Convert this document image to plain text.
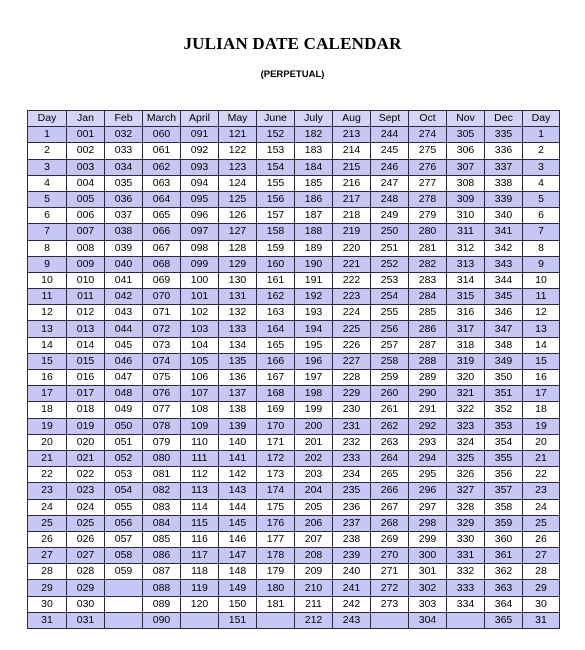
JULIAN DATE CALENDAR
(PERPETUAL)
Day	Jan	Feb	March	April	May	June	July	Aug	Sept	Oct	Nov	Dec	Day
1	001	032	060	091	121	152	182	213	244	274	305	335	1
2	002	033	061	092	122	153	183	214	245	275	306	336	2
3	003	034	062	093	123	154	184	215	246	276	307	337	3
4	004	035	063	094	124	155	185	216	247	277	308	338	4
5	005	036	064	095	125	156	186	217	248	278	309	339	5
6	006	037	065	096	126	157	187	218	249	279	310	340	6
7	007	038	066	097	127	158	188	219	250	280	311	341	7
8	008	039	067	098	128	159	189	220	251	281	312	342	8
9	009	040	068	099	129	160	190	221	252	282	313	343	9
10	010	041	069	100	130	161	191	222	253	283	314	344	10
11	011	042	070	101	131	162	192	223	254	284	315	345	11
12	012	043	071	102	132	163	193	224	255	285	316	346	12
13	013	044	072	103	133	164	194	225	256	286	317	347	13
14	014	045	073	104	134	165	195	226	257	287	318	348	14
15	015	046	074	105	135	166	196	227	258	288	319	349	15
16	016	047	075	106	136	167	197	228	259	289	320	350	16
17	017	048	076	107	137	168	198	229	260	290	321	351	17
18	018	049	077	108	138	169	199	230	261	291	322	352	18
19	019	050	078	109	139	170	200	231	262	292	323	353	19
20	020	051	079	110	140	171	201	232	263	293	324	354	20
21	021	052	080	111	141	172	202	233	264	294	325	355	21
22	022	053	081	112	142	173	203	234	265	295	326	356	22
23	023	054	082	113	143	174	204	235	266	296	327	357	23
24	024	055	083	114	144	175	205	236	267	297	328	358	24
25	025	056	084	115	145	176	206	237	268	298	329	359	25
26	026	057	085	116	146	177	207	238	269	299	330	360	26
27	027	058	086	117	147	178	208	239	270	300	331	361	27
28	028	059	087	118	148	179	209	240	271	301	332	362	28
29	029		088	119	149	180	210	241	272	302	333	363	29
30	030		089	120	150	181	211	242	273	303	334	364	30
31	031		090		151		212	243		304		365	31
